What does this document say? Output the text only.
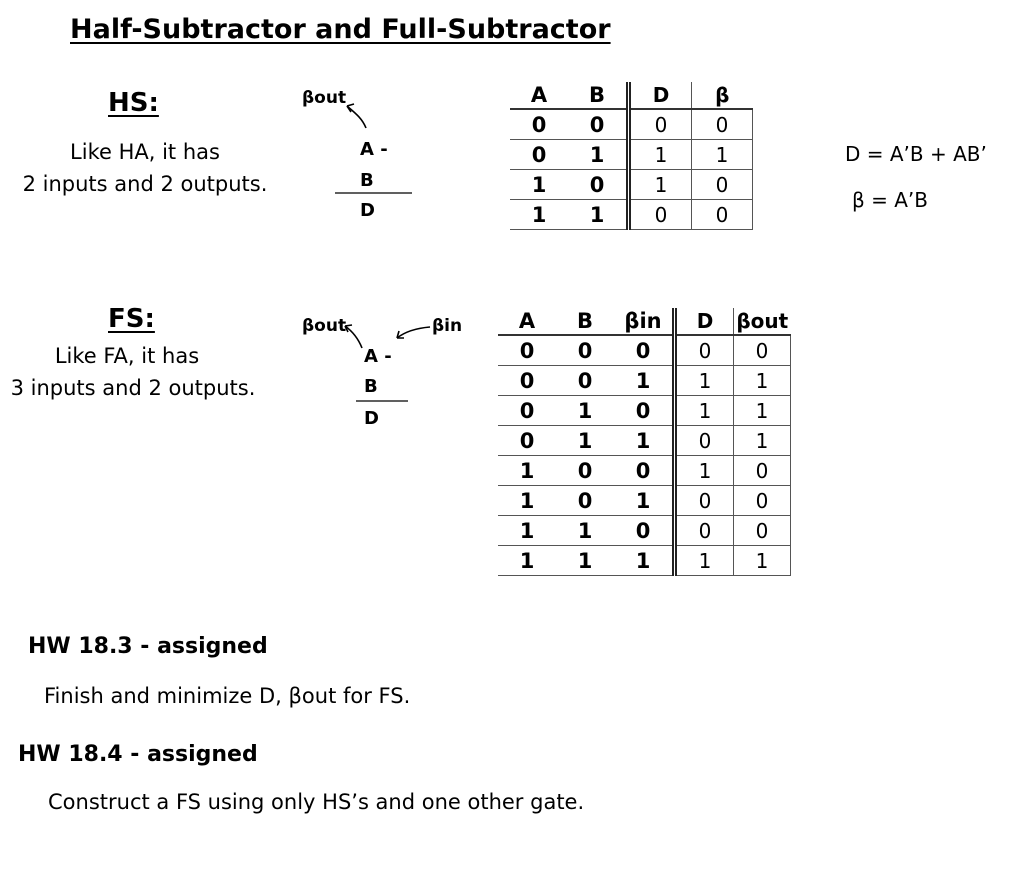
Half-Subtractor and Full-Subtractor
HS:
Like HA, it has
2 inputs and 2 outputs.
βout
A -
B
D
A	B	D	β
0	0	0	0
0	1	1	1
1	0	1	0
1	1	0	0
D = A’B + AB’
β = A’B
FS:
Like FA, it has
3 inputs and 2 outputs.
βout	βin
A -
B
D
A	B	βin	D	βout
0	0	0	0	0
0	0	1	1	1
0	1	0	1	1
0	1	1	0	1
1	0	0	1	0
1	0	1	0	0
1	1	0	0	0
1	1	1	1	1
HW 18.3 - assigned
Finish and minimize D, βout for FS.
HW 18.4 - assigned
Construct a FS using only HS’s and one other gate.
